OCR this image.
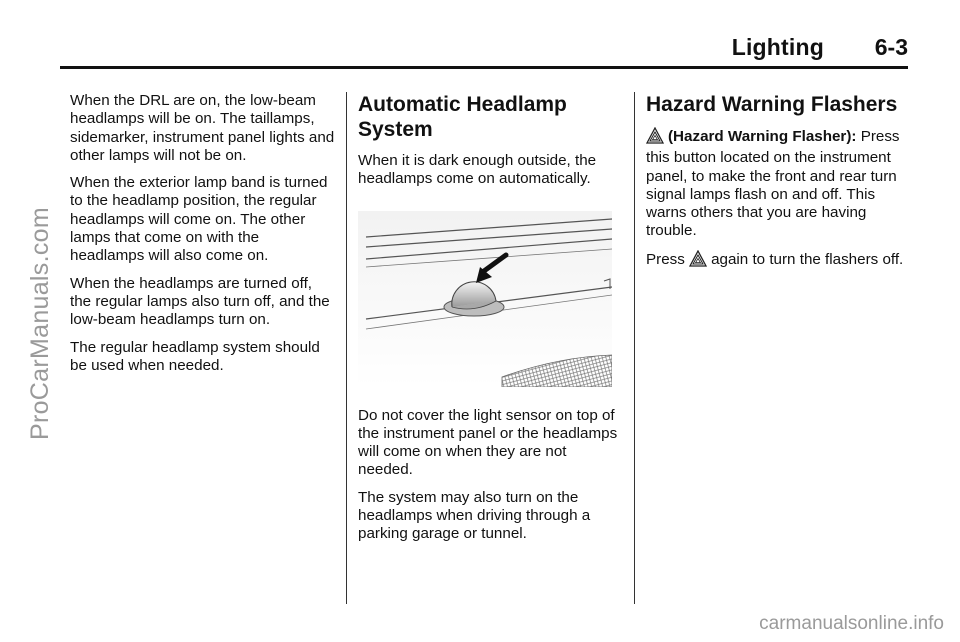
Lighting 6-3
ProCarManuals.com
carmanualsonline.info

When the DRL are on, the low-beam headlamps will be on. The taillamps, sidemarker, instrument panel lights and other lamps will not be on.

When the exterior lamp band is turned to the headlamp position, the regular headlamps will come on. The other lamps that come on with the headlamps will also come on.

When the headlamps are turned off, the regular lamps also turn off, and the low-beam headlamps turn on.

The regular headlamp system should be used when needed.

Automatic Headlamp System

When it is dark enough outside, the headlamps come on automatically.

Do not cover the light sensor on top of the instrument panel or the headlamps will come on when they are not needed.

The system may also turn on the headlamps when driving through a parking garage or tunnel.

Hazard Warning Flashers

(Hazard Warning Flasher): Press this button located on the instrument panel, to make the front and rear turn signal lamps flash on and off. This warns others that you are having trouble.

Press again to turn the flashers off.
